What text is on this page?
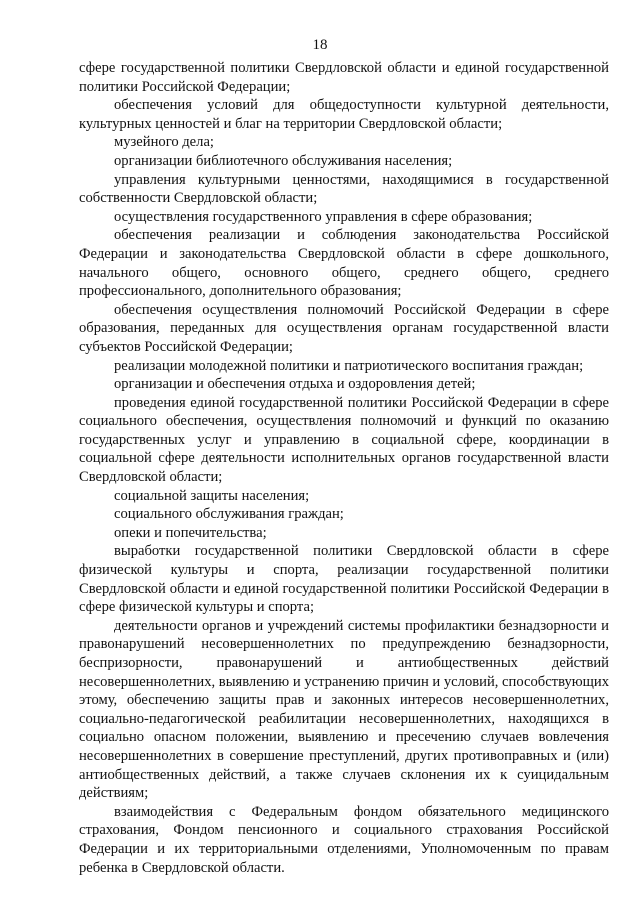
18

сфере государственной политики Свердловской области и единой государственной политики Российской Федерации;

обеспечения условий для общедоступности культурной деятельности, культурных ценностей и благ на территории Свердловской области;

музейного дела;

организации библиотечного обслуживания населения;

управления культурными ценностями, находящимися в государственной собственности Свердловской области;

осуществления государственного управления в сфере образования;

обеспечения реализации и соблюдения законодательства Российской Федерации и законодательства Свердловской области в сфере дошкольного, начального общего, основного общего, среднего общего, среднего профессионального, дополнительного образования;

обеспечения осуществления полномочий Российской Федерации в сфере образования, переданных для осуществления органам государственной власти субъектов Российской Федерации;

реализации молодежной политики и патриотического воспитания граждан;

организации и обеспечения отдыха и оздоровления детей;

проведения единой государственной политики Российской Федерации в сфере социального обеспечения, осуществления полномочий и функций по оказанию государственных услуг и управлению в социальной сфере, координации в социальной сфере деятельности исполнительных органов государственной власти Свердловской области;

социальной защиты населения;

социального обслуживания граждан;

опеки и попечительства;

выработки государственной политики Свердловской области в сфере физической культуры и спорта, реализации государственной политики Свердловской области и единой государственной политики Российской Федерации в сфере физической культуры и спорта;

деятельности органов и учреждений системы профилактики безнадзорности и правонарушений несовершеннолетних по предупреждению безнадзорности, беспризорности, правонарушений и антиобщественных действий несовершеннолетних, выявлению и устранению причин и условий, способствующих этому, обеспечению защиты прав и законных интересов несовершеннолетних, социально-педагогической реабилитации несовершеннолетних, находящихся в социально опасном положении, выявлению и пресечению случаев вовлечения несовершеннолетних в совершение преступлений, других противоправных и (или) антиобщественных действий, а также случаев склонения их к суицидальным действиям;

взаимодействия с Федеральным фондом обязательного медицинского страхования, Фондом пенсионного и социального страхования Российской Федерации и их территориальными отделениями, Уполномоченным по правам ребенка в Свердловской области.
